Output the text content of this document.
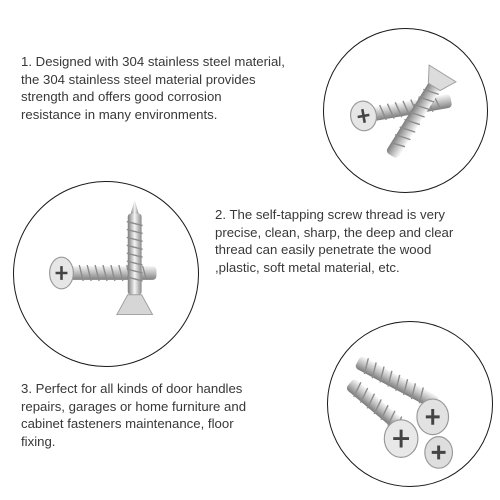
1. Designed with 304 stainless steel material,
the 304 stainless steel material provides
strength and offers good corrosion
resistance in many environments.
2. The self-tapping screw thread is very
precise, clean, sharp, the deep and clear
thread can easily penetrate the wood
,plastic, soft metal material, etc.
3. Perfect for all kinds of door handles
repairs, garages or home furniture and
cabinet fasteners maintenance, floor
fixing.
